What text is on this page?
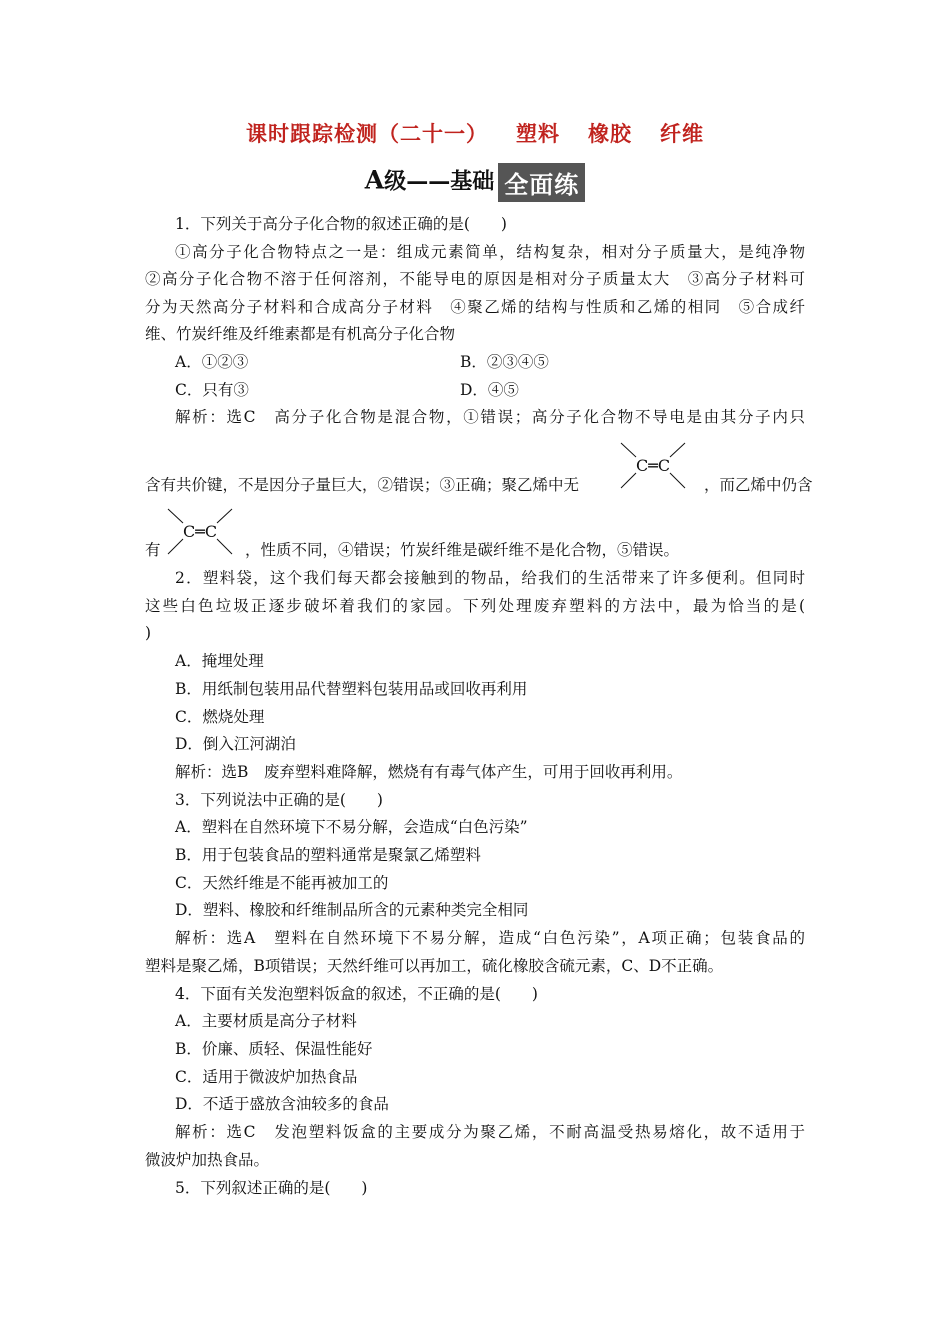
课时跟踪检测（二十一） 塑料 橡胶 纤维
A级——基础 全面练
1．下列关于高分子化合物的叙述正确的是(　　)
①高分子化合物特点之一是：组成元素简单，结构复杂，相对分子质量大，是纯净物
②高分子化合物不溶于任何溶剂，不能导电的原因是相对分子质量太大　③高分子材料可
分为天然高分子材料和合成高分子材料　④聚乙烯的结构与性质和乙烯的相同　⑤合成纤
维、竹炭纤维及纤维素都是有机高分子化合物
A．①②③	B．②③④⑤
C．只有③	D．④⑤
解析：选C　高分子化合物是混合物，①错误；高分子化合物不导电是由其分子内只
C═C
含有共价键，不是因分子量巨大，②错误；③正确；聚乙烯中无	，而乙烯中仍含
C═C
有	，性质不同，④错误；竹炭纤维是碳纤维不是化合物，⑤错误。
2．塑料袋，这个我们每天都会接触到的物品，给我们的生活带来了许多便利。但同时
这些白色垃圾正逐步破坏着我们的家园。下列处理废弃塑料的方法中，最为恰当的是(
)
A．掩埋处理
B．用纸制包装用品代替塑料包装用品或回收再利用
C．燃烧处理
D．倒入江河湖泊
解析：选B　废弃塑料难降解，燃烧有有毒气体产生，可用于回收再利用。
3．下列说法中正确的是(　　)
A．塑料在自然环境下不易分解，会造成“白色污染”
B．用于包装食品的塑料通常是聚氯乙烯塑料
C．天然纤维是不能再被加工的
D．塑料、橡胶和纤维制品所含的元素种类完全相同
解析：选A　塑料在自然环境下不易分解，造成“白色污染”，A项正确；包装食品的
塑料是聚乙烯，B项错误；天然纤维可以再加工，硫化橡胶含硫元素，C、D不正确。
4．下面有关发泡塑料饭盒的叙述，不正确的是(　　)
A．主要材质是高分子材料
B．价廉、质轻、保温性能好
C．适用于微波炉加热食品
D．不适于盛放含油较多的食品
解析：选C　发泡塑料饭盒的主要成分为聚乙烯，不耐高温受热易熔化，故不适用于
微波炉加热食品。
5．下列叙述正确的是(　　)
